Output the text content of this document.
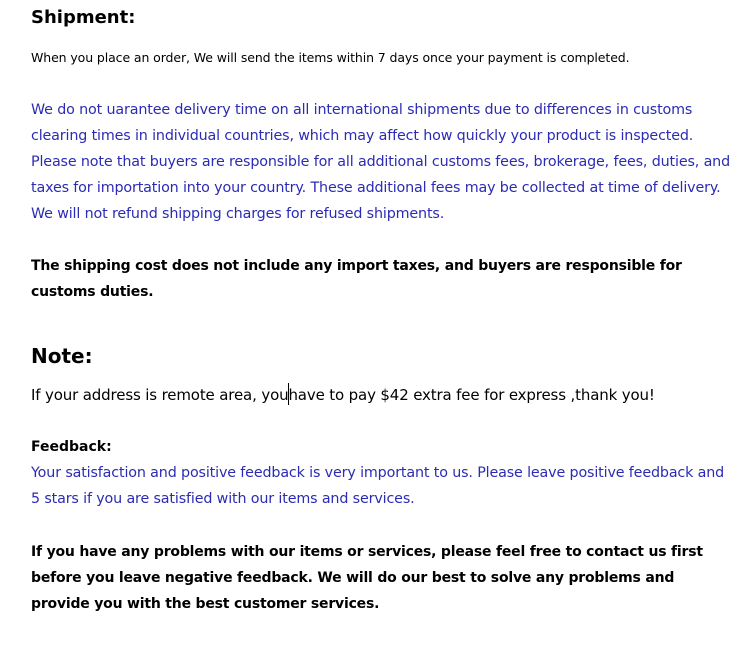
Shipment:

When you place an order, We will send the items within 7 days once your payment is completed.

We do not uarantee delivery time on all international shipments due to differences in customs clearing times in individual countries, which may affect how quickly your product is inspected. Please note that buyers are responsible for all additional customs fees, brokerage, fees, duties, and taxes for importation into your country. These additional fees may be collected at time of delivery. We will not refund shipping charges for refused shipments.

The shipping cost does not include any import taxes, and buyers are responsible for customs duties.

Note:

If your address is remote area, youhave to pay $42 extra fee for express ,thank you!

Feedback:

Your satisfaction and positive feedback is very important to us. Please leave positive feedback and 5 stars if you are satisfied with our items and services.

If you have any problems with our items or services, please feel free to contact us first before you leave negative feedback. We will do our best to solve any problems and provide you with the best customer services.
